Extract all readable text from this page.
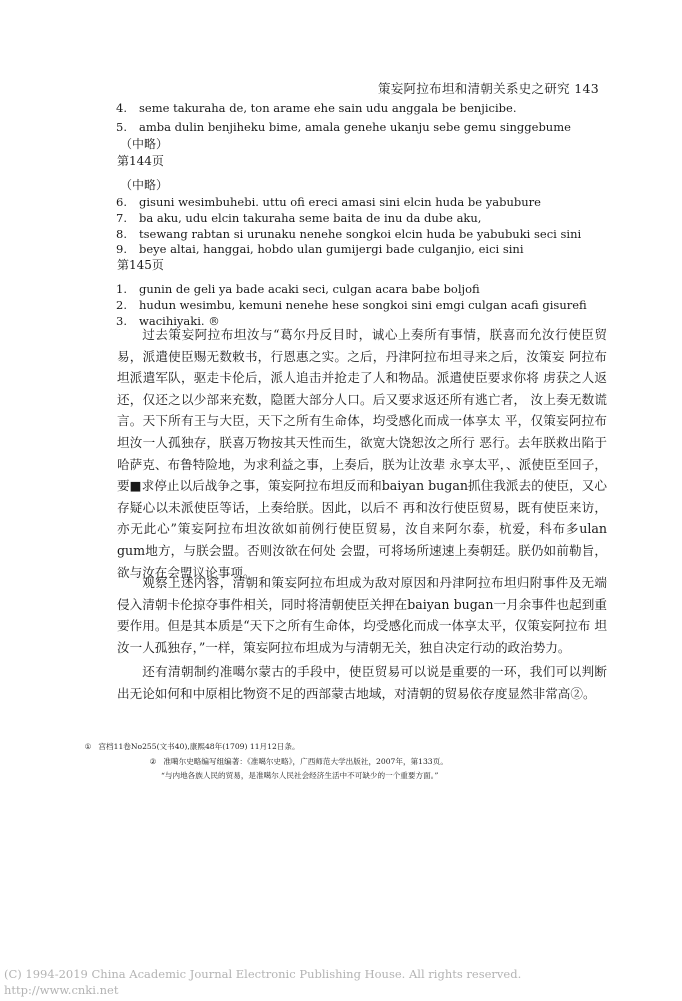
策妄阿拉布坦和清朝关系史之研究 143
4. seme takuraha de, ton arame ehe sain udu anggala be benjicibe.
5. amba dulin benjiheku bime, amala genehe ukanju sebe gemu singgebume
（中略）
第144页
（中略）
6. gisuni wesimbuhebi. uttu ofi ereci amasi sini elcin huda be yabubure
7. ba aku, udu elcin takuraha seme baita de inu da dube aku,
8. tsewang rabtan si urunaku nenehe songkoi elcin huda be yabubuki seci sini
9. beye altai, hanggai, hobdo ulan gumijergi bade culganjio, eici sini
第145页
1. gunin de geli ya bade acaki seci, culgan acara babe boljofi
2. hudun wesimbu, kemuni nenehe hese songkoi sini emgi culgan acafi gisurefi
3. wacihiyaki. ®

过去策妄阿拉布坦汝与“葛尔丹反目时，诚心上奏所有事情，朕喜而允汝行使臣贸易，派遣使臣赐无数敕书，行恩惠之实。之后，丹津阿拉布坦寻来之后，汝策妄 阿拉布坦派遣军队，驱走卡伦后，派人追击并抢走了人和物品。派遣使臣要求你将 虏获之人返还，仅还之以少部来充数，隐匿大部分人口。后又要求返还所有逃亡者， 汝上奏无数谎言。天下所有王与大臣，天下之所有生命体，均受感化而成一体享太 平，仅策妄阿拉布坦汝一人孤独存，朕喜万物按其天性而生，欲宽大饶恕汝之所行 恶行。去年朕救出陷于哈萨克、布鲁特险地，为求利益之事，上奏后，朕为让汝辈 永享太平，、派使臣至回子，要■求停止以后战争之事，策妄阿拉布坦反而和baiyan bugan抓住我派去的使臣，又心存疑心以未派使臣等话，上奏给朕。因此，以后不 再和汝行使臣贸易，既有使臣来访，亦无此心”策妄阿拉布坦汝欲如前例行使臣贸易，汝自来阿尔泰，杭爱，科布多ulan gum地方，与朕会盟。否则汝欲在何处 会盟，可将场所速速上奏朝廷。朕仍如前勒旨，欲与汝在会盟议论事项。

观察上述内容，清朝和策妄阿拉布坦成为敌对原因和丹津阿拉布坦归附事件及无端 侵入清朝卡伦掠夺事件相关，同时将清朝使臣关押在baiyan bugan一月余事件也起到重 要作用。但是其本质是“天下之所有生命体，均受感化而成一体享太平，仅策妄阿拉布 坦汝一人孤独存，”一样，策妄阿拉布坦成为与清朝无关，独自决定行动的政治势力。

还有清朝制约准噶尔蒙古的手段中，使臣贸易可以说是重要的一环，我们可以判断 出无论如何和中原相比物资不足的西部蒙古地域，对清朝的贸易依存度显然非常高②。

① 宫档11卷No255(文书40),康熙48年(1709) 11月12日条。
② 准噶尔史略编写组编著：《准噶尔史略》，广西师范大学出版社，2007年，第133页。
“与内地各族人民的贸易，是准噶尔人民社会经济生活中不可缺少的一个重要方面。”
(C) 1994-2019 China Academic Journal Electronic Publishing House. All rights reserved.
http://www.cnki.net
